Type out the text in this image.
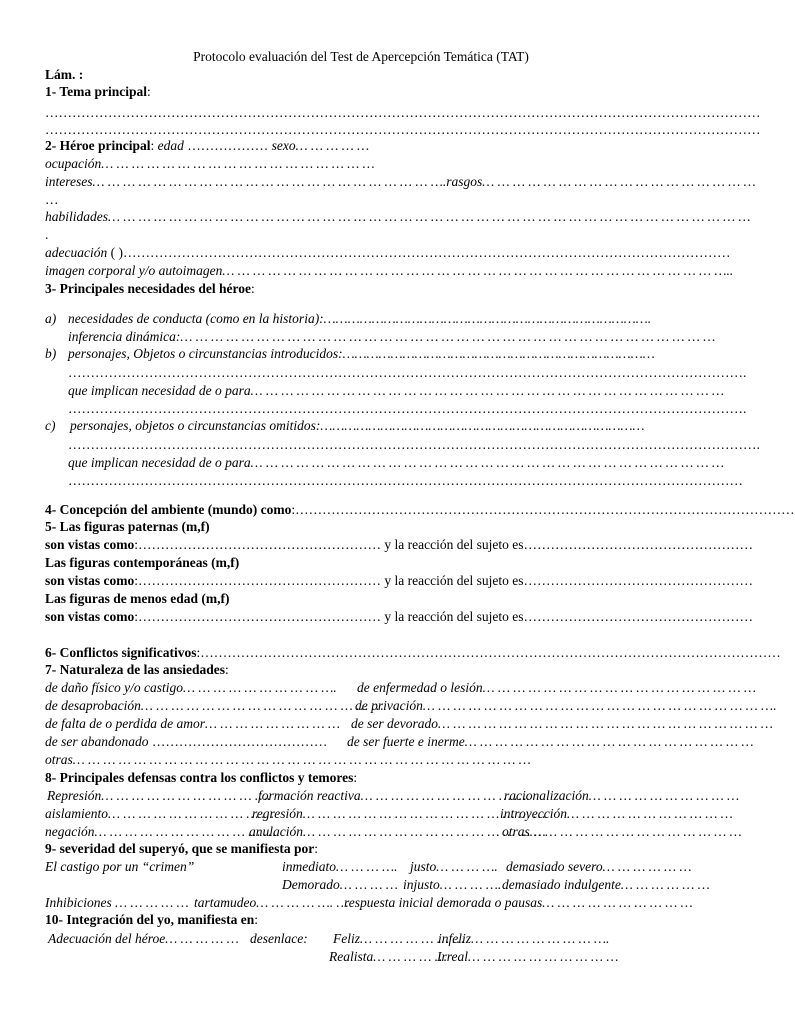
Protocolo evaluación del Test de Apercepción Temática (TAT)
Lám. :
1- Tema principal:
……………………………………………………………………………………………………………………………………………
……………………………………………………………………………………………………………………………………………
2- Héroe principal: edad ……………… sexo… … … … …
ocupación… … … … … … … … … … … … … … … … … …
intereses… … … … … … … … … … … … … … … … … … … … … … ….rasgos… … … … … … … … … … … … … … … … … …
…
habilidades… … … … … … … … … … … … … … … … … … … … … … … … … … … … … … … … … … … … … … … … … …
.
adecuación ( )………………………………………………………………………………………………………………………
imagen corporal y/o autoimagen… … … … … … … … … … … … … … … … … … … … … … … … … … … … … … … … …..
3- Principales necesidades del héroe:
a) necesidades de conducta (como en la historia):……………………………………………………………………….
inferencia dinámica:… … … … … … … … … … … … … … … … … … … … … … … … … … … … … … … … … … …
b) personajes, Objetos o circunstancias introducidos:……………………………………………………………………
…………………………………………………………………………………………………………………………………….
que implican necesidad de o para… … … … … … … … … … … … … … … … … … … … … … … … … … … … … … …
…………………………………………………………………………………………………………………………………….
c) personajes, objetos o circunstancias omitidos:………………………………………………………………………
……………………………………………………………………………………………………………………………………….
que implican necesidad de o para… … … … … … … … … … … … … … … … … … … … … … … … … … … … … … …
……………………………………………………………………………………………………………………………………
4- Concepción del ambiente (mundo) como:…………………………………………………………………………………………………
5- Las figuras paternas (m,f)
son vistas como:……………………………………………… y la reacción del sujeto es……………………………………………
Las figuras contemporáneas (m,f)
son vistas como:……………………………………………… y la reacción del sujeto es……………………………………………
Las figuras de menos edad (m,f)
son vistas como:……………………………………………… y la reacción del sujeto es……………………………………………
6- Conflictos significativos:…………………………………………………………………………………………………………………
7- Naturaleza de las ansiedades:
de daño físico y/o castigo… … … … … … … … … …. de enfermedad o lesión… … … … … … … … … … … … … … … … … …
de desaprobación… … … … … … … … … … … … … … … …
de privación… … … … … … … … … … … … … … … … … … … … … … ….
de falta de o perdida de amor… … … … … … … … … de ser devorado… … … … … … … … … … … … … … … … … … … … … …
de ser abandonado ………………………………… de ser fuerte e inerme… … … … … … … … … … … … … … … … … … …
otras… … … … … … … … … … … … … … … … … … … … … … … … … … … … … …
8- Principales defensas contra los conflictos y temores:
Represión… … … … … … … … … … ….
formación reactiva… … … … … … … … … … ….
racionalización… … … … … … … … … …
aislamiento… … … … … … … … … … …
regresión… … … … … … … … … … … … … … … …
introyección… … … … … … … … … … …
negación… … … … … … … … … … … …
anulación… … … … … … … … … … … … … … … …
otras… … … … … … … … … … … … … …
9- severidad del superyó, que se manifiesta por:
El castigo por un “crimen”	inmediato… … … …. justo… … … …. demasiado severo… … … … … …
Demorado… … … … injusto… … … …. demasiado indulgente… … … … … …
Inhibiciones … … … … … tartamudeo… … … … …. …
respuesta inicial demorada o pausas… … … … … … … … … …
10- Integración del yo, manifiesta en:
Adecuación del héroe… … … … … desenlace: Feliz… … … … … … …
infeliz… … … … … … … … ….
Realista… … … … …
Irreal… … … … … … … … … …
